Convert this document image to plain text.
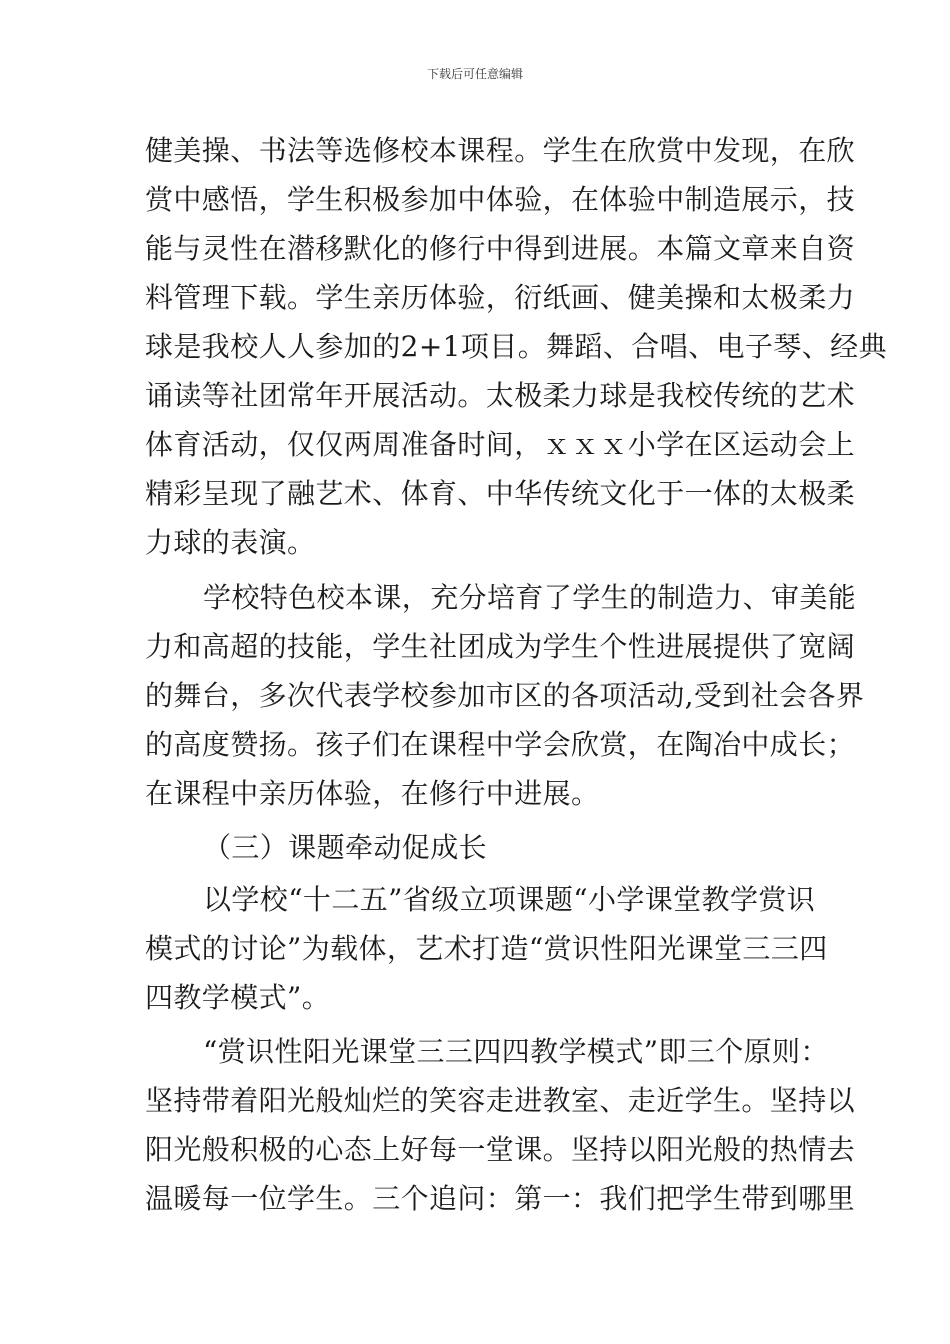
下载后可任意编辑
健美操、书法等选修校本课程。学生在欣赏中发现，在欣
赏中感悟，学生积极参加中体验，在体验中制造展示，技
能与灵性在潜移默化的修行中得到进展。本篇文章来自资
料管理下载。学生亲历体验，衍纸画、健美操和太极柔力
球是我校人人参加的2+1项目。舞蹈、合唱、电子琴、经典
诵读等社团常年开展活动。太极柔力球是我校传统的艺术
体育活动，仅仅两周准备时间，ｘｘｘ小学在区运动会上
精彩呈现了融艺术、体育、中华传统文化于一体的太极柔
力球的表演。
学校特色校本课，充分培育了学生的制造力、审美能
力和高超的技能，学生社团成为学生个性进展提供了宽阔
的舞台，多次代表学校参加市区的各项活动,受到社会各界
的高度赞扬。孩子们在课程中学会欣赏，在陶冶中成长；
在课程中亲历体验，在修行中进展。
（三）课题牵动促成长
以学校“十二五”省级立项课题“小学课堂教学赏识
模式的讨论”为载体，艺术打造“赏识性阳光课堂三三四
四教学模式”。
“赏识性阳光课堂三三四四教学模式”即三个原则：
坚持带着阳光般灿烂的笑容走进教室、走近学生。坚持以
阳光般积极的心态上好每一堂课。坚持以阳光般的热情去
温暖每一位学生。三个追问：第一：我们把学生带到哪里
